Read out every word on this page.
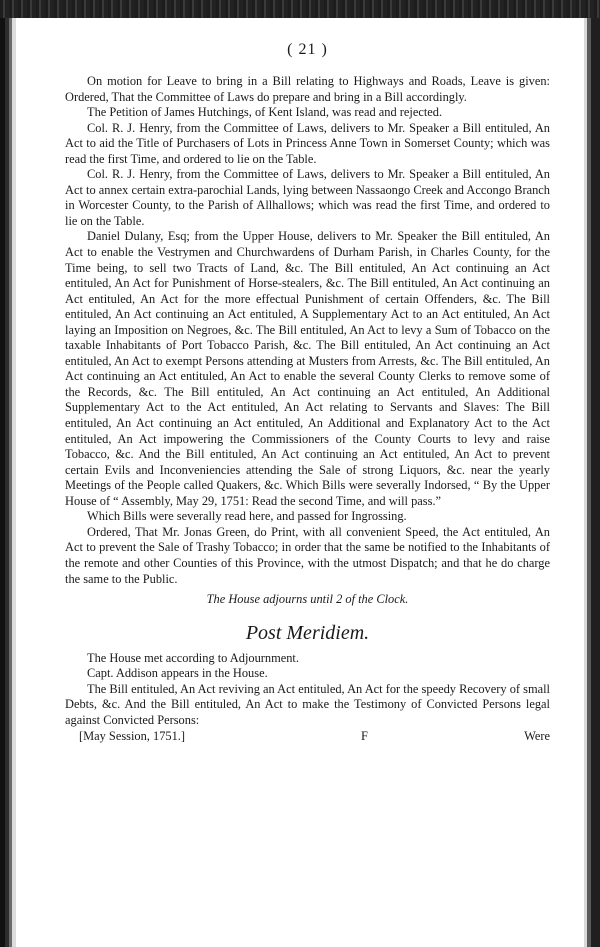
( 21 )

On motion for Leave to bring in a Bill relating to Highways and Roads, Leave is given: Ordered, That the Committee of Laws do prepare and bring in a Bill accordingly.

The Petition of James Hutchings, of Kent Island, was read and rejected.

Col. R. J. Henry, from the Committee of Laws, delivers to Mr. Speaker a Bill entituled, An Act to aid the Title of Purchasers of Lots in Princess Anne Town in Somerset County; which was read the first Time, and ordered to lie on the Table.

Col. R. J. Henry, from the Committee of Laws, delivers to Mr. Speaker a Bill entituled, An Act to annex certain extra-parochial Lands, lying between Nassaongo Creek and Accongo Branch in Worcester County, to the Parish of Allhallows; which was read the first Time, and ordered to lie on the Table.

Daniel Dulany, Esq; from the Upper House, delivers to Mr. Speaker the Bill entituled, An Act to enable the Vestrymen and Churchwardens of Durham Parish, in Charles County, for the Time being, to sell two Tracts of Land, &c. The Bill entituled, An Act continuing an Act entituled, An Act for Punishment of Horse-stealers, &c. The Bill entituled, An Act continuing an Act entituled, An Act for the more effectual Punishment of certain Offenders, &c. The Bill entituled, An Act continuing an Act entituled, A Supplementary Act to an Act entituled, An Act laying an Imposition on Negroes, &c. The Bill entituled, An Act to levy a Sum of Tobacco on the taxable Inhabitants of Port Tobacco Parish, &c. The Bill entituled, An Act continuing an Act entituled, An Act to exempt Persons attending at Musters from Arrests, &c. The Bill entituled, An Act continuing an Act entituled, An Act to enable the several County Clerks to remove some of the Records, &c. The Bill entituled, An Act continuing an Act entituled, An Additional Supplementary Act to the Act entituled, An Act relating to Servants and Slaves: The Bill entituled, An Act continuing an Act entituled, An Additional and Explanatory Act to the Act entituled, An Act impowering the Commissioners of the County Courts to levy and raise Tobacco, &c. And the Bill entituled, An Act continuing an Act entituled, An Act to prevent certain Evils and Inconveniencies attending the Sale of strong Liquors, &c. near the yearly Meetings of the People called Quakers, &c. Which Bills were severally Indorsed, “ By the Upper House of “ Assembly, May 29, 1751: Read the second Time, and will pass.”

Which Bills were severally read here, and passed for Ingrossing.

Ordered, That Mr. Jonas Green, do Print, with all convenient Speed, the Act entituled, An Act to prevent the Sale of Trashy Tobacco; in order that the same be notified to the Inhabitants of the remote and other Counties of this Province, with the utmost Dispatch; and that he do charge the same to the Public.

The House adjourns until 2 of the Clock.

Post Meridiem.

The House met according to Adjournment.

Capt. Addison appears in the House.

The Bill entituled, An Act reviving an Act entituled, An Act for the speedy Recovery of small Debts, &c. And the Bill entituled, An Act to make the Testimony of Convicted Persons legal against Convicted Persons:

[May Session, 1751.]	F	Were
